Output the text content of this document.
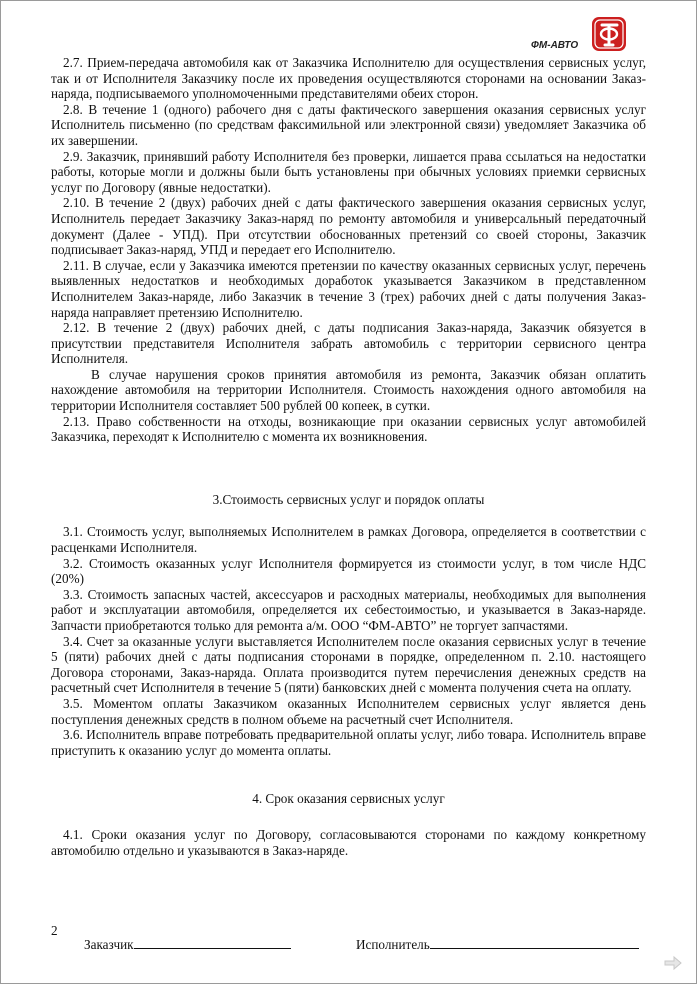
ФМ-АВТО

2.7. Прием-передача автомобиля как от Заказчика Исполнителю для осуществления сервисных услуг, так и от Исполнителя Заказчику после их проведения осуществляются сторонами на основании Заказ-наряда, подписываемого уполномоченными представителями обеих сторон.

2.8. В течение 1 (одного) рабочего дня с даты фактического завершения оказания сервисных услуг Исполнитель письменно (по средствам факсимильной или электронной связи) уведомляет Заказчика об их завершении.

2.9. Заказчик, принявший работу Исполнителя без проверки, лишается права ссылаться на недостатки работы, которые могли и должны были быть установлены при обычных условиях приемки сервисных услуг по Договору (явные недостатки).

2.10. В течение 2 (двух) рабочих дней с даты фактического завершения оказания сервисных услуг, Исполнитель передает Заказчику Заказ-наряд по ремонту автомобиля и универсальный передаточный документ (Далее - УПД). При отсутствии обоснованных претензий со своей стороны, Заказчик подписывает Заказ-наряд, УПД и передает его Исполнителю.

2.11. В случае, если у Заказчика имеются претензии по качеству оказанных сервисных услуг, перечень выявленных недостатков и необходимых доработок указывается Заказчиком в представленном Исполнителем Заказ-наряде, либо Заказчик в течение 3 (трех) рабочих дней с даты получения Заказ-наряда направляет претензию Исполнителю.

2.12. В течение 2 (двух) рабочих дней, с даты подписания Заказ-наряда, Заказчик обязуется в присутствии представителя Исполнителя забрать автомобиль с территории сервисного центра Исполнителя.

В случае нарушения сроков принятия автомобиля из ремонта, Заказчик обязан оплатить нахождение автомобиля на территории Исполнителя. Стоимость нахождения одного автомобиля на территории Исполнителя составляет 500 рублей 00 копеек, в сутки.

2.13. Право собственности на отходы, возникающие при оказании сервисных услуг автомобилей Заказчика, переходят к Исполнителю с момента их возникновения.

3.Стоимость сервисных услуг и порядок оплаты

3.1. Стоимость услуг, выполняемых Исполнителем в рамках Договора, определяется в соответствии с расценками Исполнителя.

3.2. Стоимость оказанных услуг Исполнителя формируется из стоимости услуг, в том числе НДС (20%)

3.3. Стоимость запасных частей, аксессуаров и расходных материалы, необходимых для выполнения работ и эксплуатации автомобиля, определяется их себестоимостью, и указывается в Заказ-наряде. Запчасти приобретаются только для ремонта а/м. ООО “ФМ-АВТО” не торгует запчастями.

3.4. Счет за оказанные услуги выставляется Исполнителем после оказания сервисных услуг в течение 5 (пяти) рабочих дней с даты подписания сторонами в порядке, определенном п. 2.10. настоящего Договора сторонами, Заказ-наряда. Оплата производится путем перечисления денежных средств на расчетный счет Исполнителя в течение 5 (пяти) банковских дней с момента получения счета на оплату.

3.5. Моментом оплаты Заказчиком оказанных Исполнителем сервисных услуг является день поступления денежных средств в полном объеме на расчетный счет Исполнителя.

3.6. Исполнитель вправе потребовать предварительной оплаты услуг, либо товара. Исполнитель вправе приступить к оказанию услуг до момента оплаты.

4. Срок оказания сервисных услуг

4.1. Сроки оказания услуг по Договору, согласовываются сторонами по каждому конкретному автомобилю отдельно и указываются в Заказ-наряде.

2
Заказчик	Исполнитель
